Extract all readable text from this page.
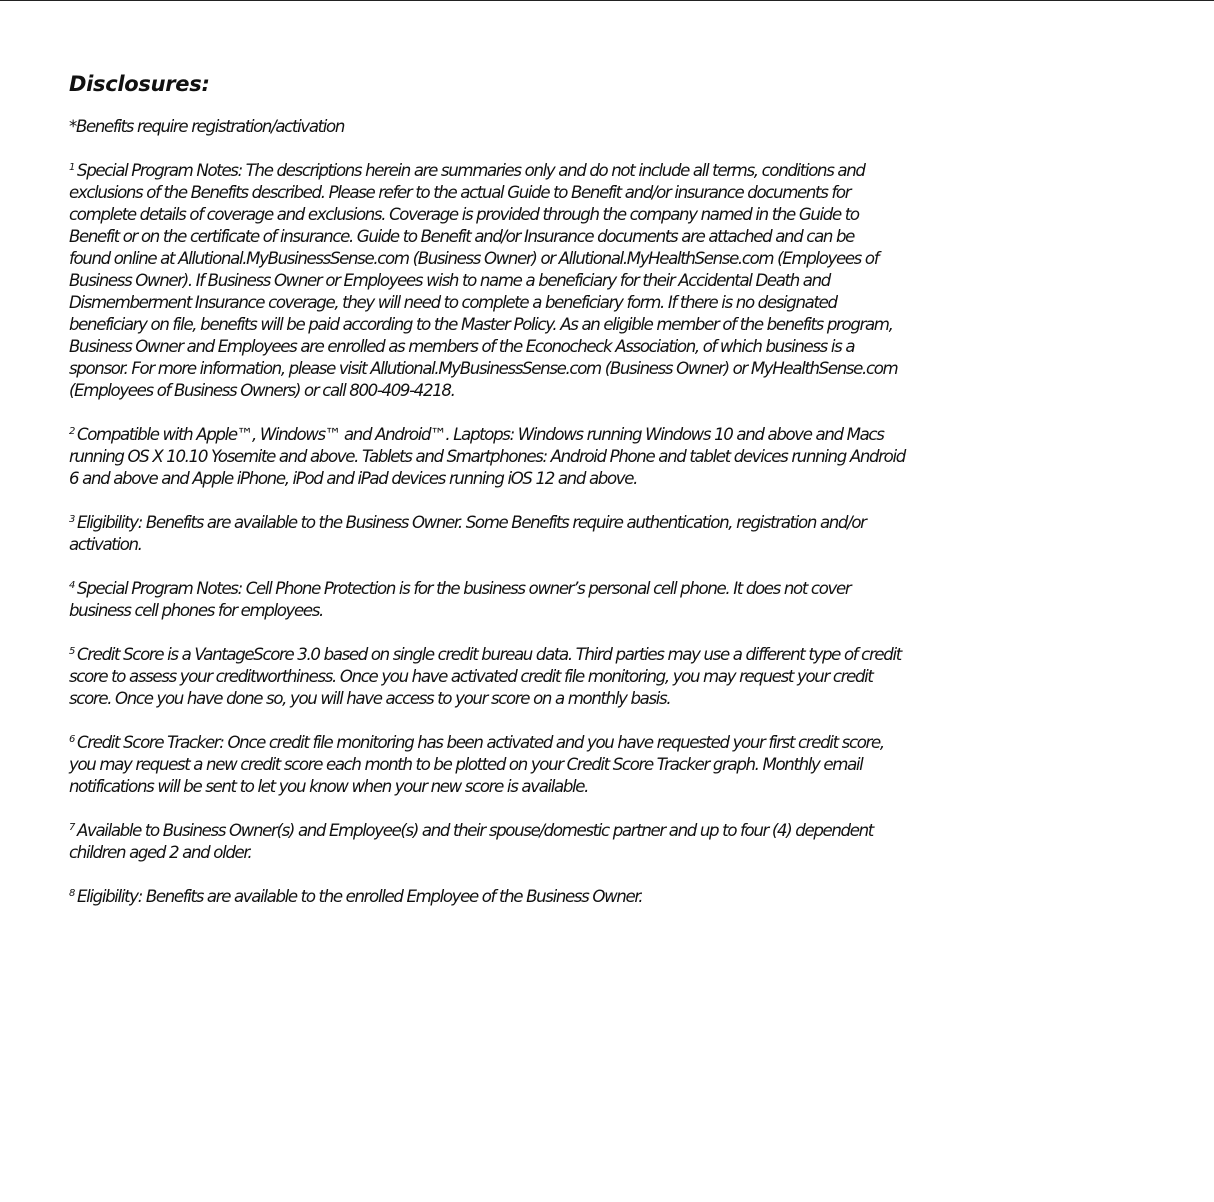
Disclosures:

*Benefits require registration/activation

$^1$ Special Program Notes: The descriptions herein are summaries only and do not include all terms, conditions and
exclusions of the Benefits described. Please refer to the actual Guide to Benefit and/or insurance documents for
complete details of coverage and exclusions. Coverage is provided through the company named in the Guide to
Benefit or on the certificate of insurance. Guide to Benefit and/or Insurance documents are attached and can be
found online at Allutional.MyBusinessSense.com (Business Owner) or Allutional.MyHealthSense.com (Employees of
Business Owner). If Business Owner or Employees wish to name a beneficiary for their Accidental Death and
Dismemberment Insurance coverage, they will need to complete a beneficiary form. If there is no designated
beneficiary on file, benefits will be paid according to the Master Policy. As an eligible member of the benefits program,
Business Owner and Employees are enrolled as members of the Econocheck Association, of which business is a
sponsor. For more information, please visit Allutional.MyBusinessSense.com (Business Owner) or MyHealthSense.com
(Employees of Business Owners) or call 800-409-4218.

$^2$ Compatible with Apple™, Windows™ and Android™. Laptops: Windows running Windows 10 and above and Macs
running OS X 10.10 Yosemite and above. Tablets and Smartphones: Android Phone and tablet devices running Android
6 and above and Apple iPhone, iPod and iPad devices running iOS 12 and above.

$^3$ Eligibility: Benefits are available to the Business Owner. Some Benefits require authentication, registration and/or
activation.

$^4$ Special Program Notes: Cell Phone Protection is for the business owner’s personal cell phone. It does not cover
business cell phones for employees.

$^5$ Credit Score is a VantageScore 3.0 based on single credit bureau data. Third parties may use a different type of credit
score to assess your creditworthiness. Once you have activated credit file monitoring, you may request your credit
score. Once you have done so, you will have access to your score on a monthly basis.

$^6$ Credit Score Tracker: Once credit file monitoring has been activated and you have requested your first credit score,
you may request a new credit score each month to be plotted on your Credit Score Tracker graph. Monthly email
notifications will be sent to let you know when your new score is available.

$^7$ Available to Business Owner(s) and Employee(s) and their spouse/domestic partner and up to four (4) dependent
children aged 2 and older.

$^8$ Eligibility: Benefits are available to the enrolled Employee of the Business Owner.
